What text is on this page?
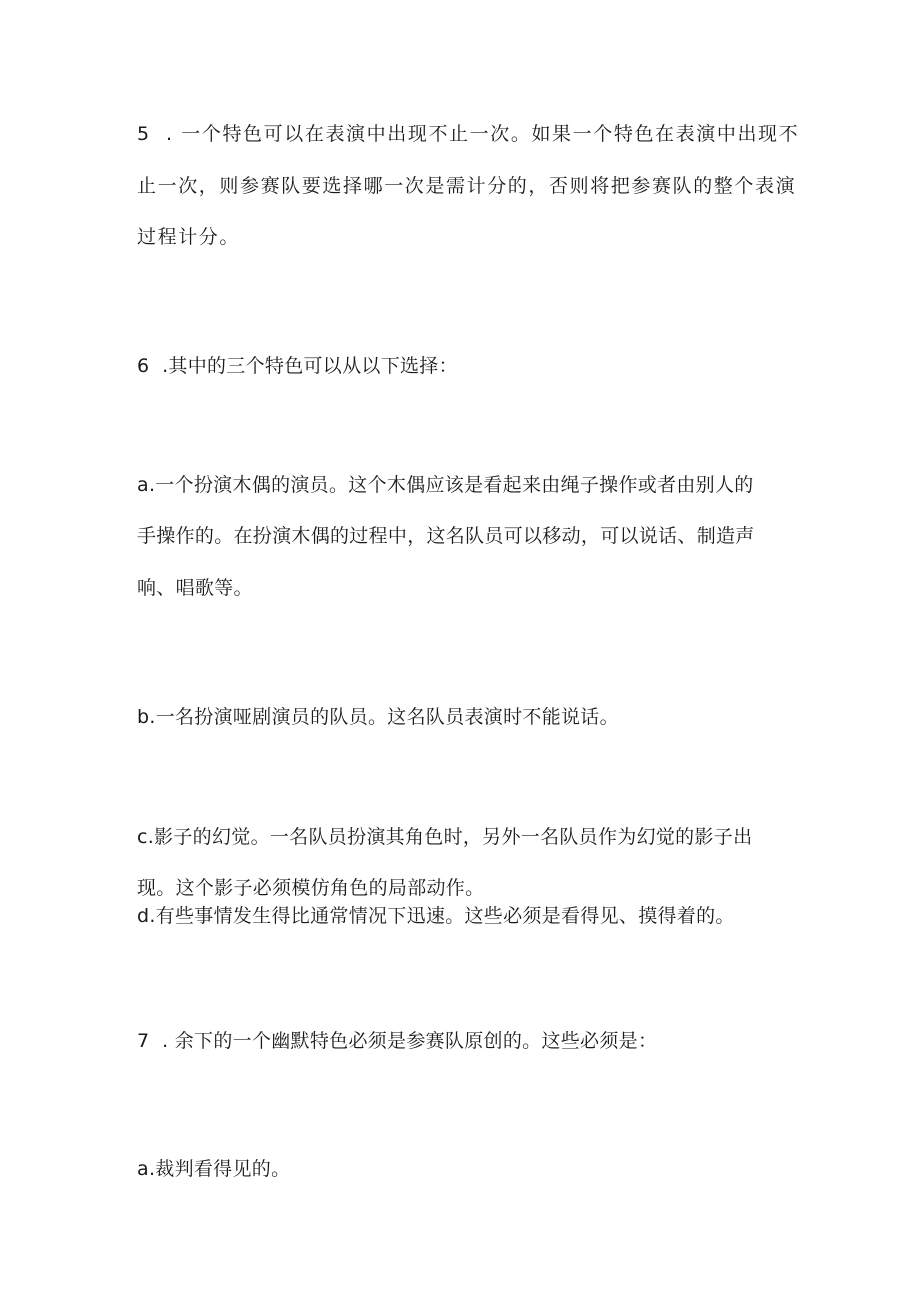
5  . 一个特色可以在表演中出现不止一次。如果一个特色在表演中出现不
止一次，则参赛队要选择哪一次是需计分的，否则将把参赛队的整个表演
过程计分。
6  .其中的三个特色可以从以下选择：
a.一个扮演木偶的演员。这个木偶应该是看起来由绳子操作或者由别人的
手操作的。在扮演木偶的过程中，这名队员可以移动，可以说话、制造声
响、唱歌等。
b.一名扮演哑剧演员的队员。这名队员表演时不能说话。
c.影子的幻觉。一名队员扮演其角色时，另外一名队员作为幻觉的影子出
现。这个影子必须模仿角色的局部动作。
d.有些事情发生得比通常情况下迅速。这些必须是看得见、摸得着的。
7  . 余下的一个幽默特色必须是参赛队原创的。这些必须是：
a.裁判看得见的。
